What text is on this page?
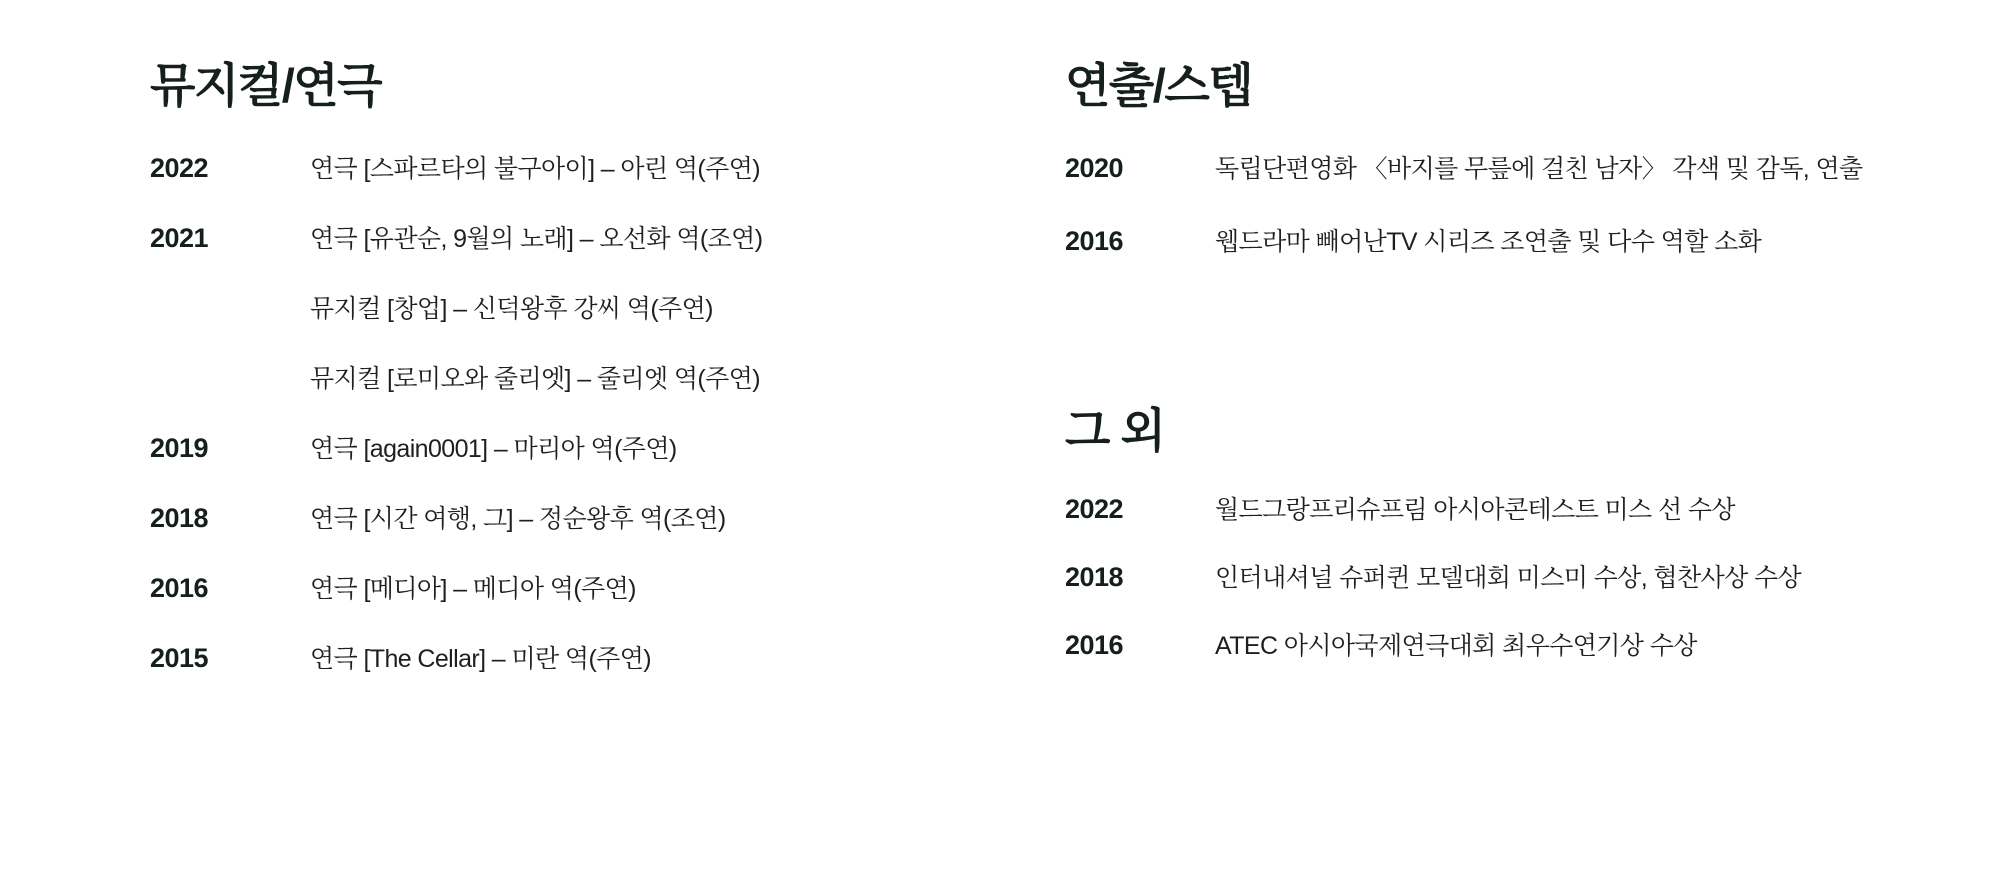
뮤지컬/연극
2022	연극 [스파르타의 불구아이] – 아린 역(주연)
2021	연극 [유관순, 9월의 노래] – 오선화 역(조연)
뮤지컬 [창업] – 신덕왕후 강씨 역(주연)
뮤지컬 [로미오와 줄리엣] – 줄리엣 역(주연)
2019	연극 [again0001] – 마리아 역(주연)
2018	연극 [시간 여행, 그] – 정순왕후 역(조연)
2016	연극 [메디아] – 메디아 역(주연)
2015	연극 [The Cellar] – 미란 역(주연)
연출/스텝
2020	독립단편영화 〈바지를 무릎에 걸친 남자〉 각색 및 감독, 연출
2016	웹드라마 빼어난TV 시리즈 조연출 및 다수 역할 소화
그 외
2022	월드그랑프리슈프림 아시아콘테스트 미스 선 수상
2018	인터내셔널 슈퍼퀸 모델대회 미스미 수상, 협찬사상 수상
2016	ATEC 아시아국제연극대회 최우수연기상 수상
